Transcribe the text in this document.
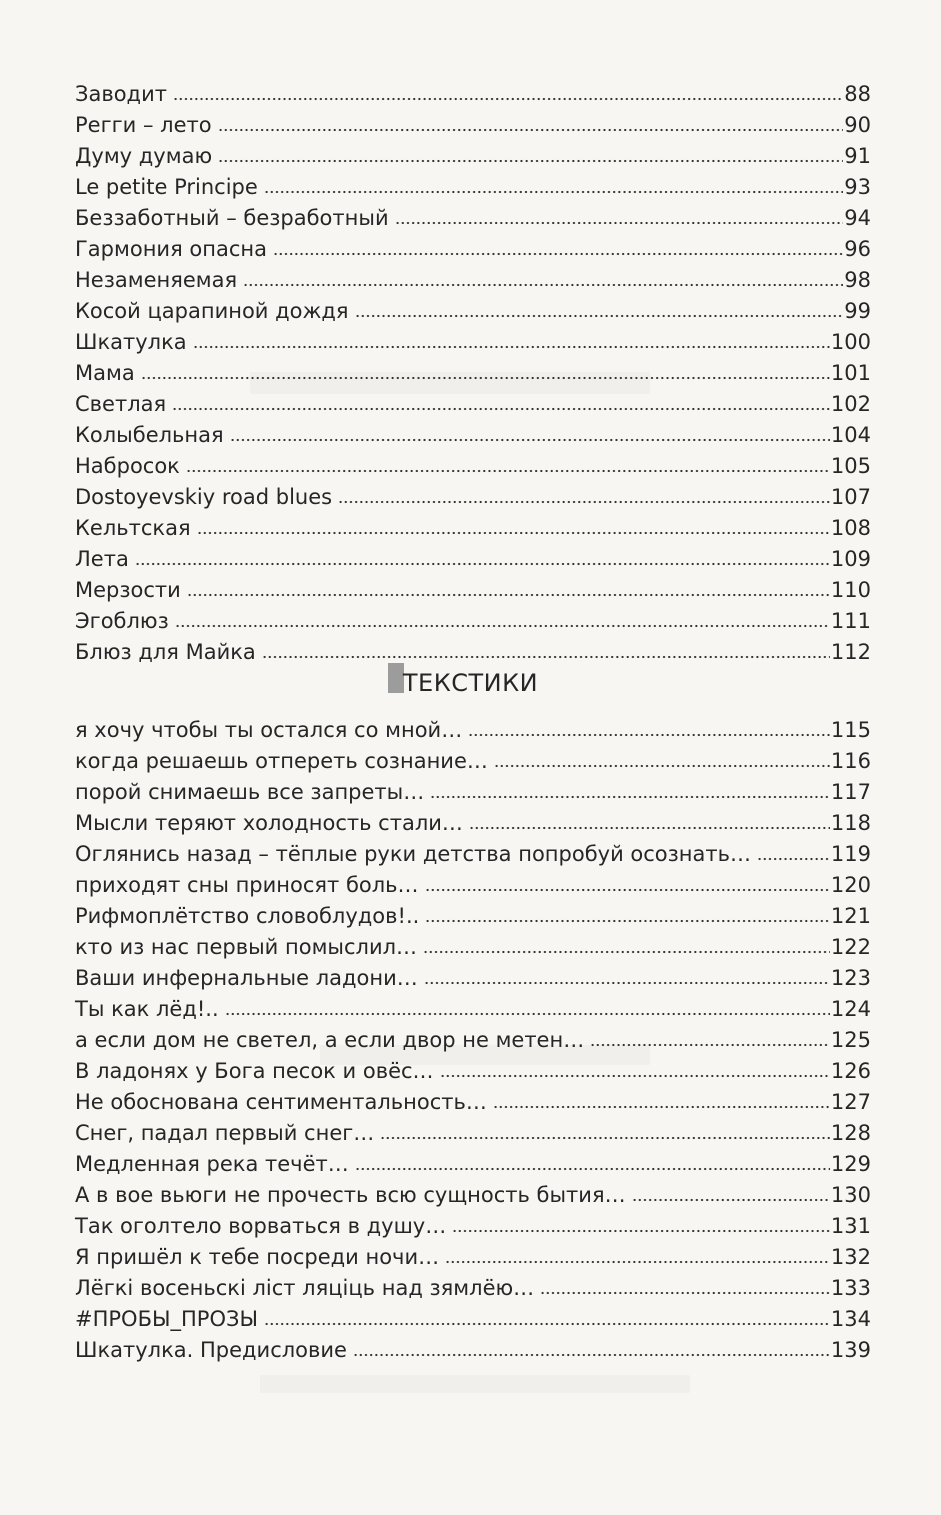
Заводит	88
Регги – лето	90
Думу думаю	91
Le petite Principe	93
Беззаботный – безработный	94
Гармония опасна	96
Незаменяемая	98
Косой царапиной дождя	99
Шкатулка	100
Мама	101
Светлая	102
Колыбельная	104
Набросок	105
Dostoyevskiy road blues	107
Кельтская	108
Лета	109
Мерзости	110
Эгоблюз	111
Блюз для Майка	112
ТЕКСТИКИ
я хочу чтобы ты остался со мной…	115
когда решаешь отпереть сознание…	116
порой снимаешь все запреты…	117
Мысли теряют холодность стали…	118
Оглянись назад – тёплые руки детства попробуй осознать…	119
приходят сны приносят боль…	120
Рифмоплётство словоблудов!..	121
кто из нас первый помыслил…	122
Ваши инфернальные ладони…	123
Ты как лёд!..	124
а если дом не светел, а если двор не метен…	125
В ладонях у Бога песок и овёс…	126
Не обоснована сентиментальность…	127
Снег, падал первый снег…	128
Медленная река течёт…	129
А в вое вьюги не прочесть всю сущность бытия…	130
Так оголтело ворваться в душу…	131
Я пришёл к тебе посреди ночи…	132
Лёгкі восеньскі ліст ляціць над зямлёю…	133
#ПРОБЫ_ПРОЗЫ	134
Шкатулка. Предисловие	139
